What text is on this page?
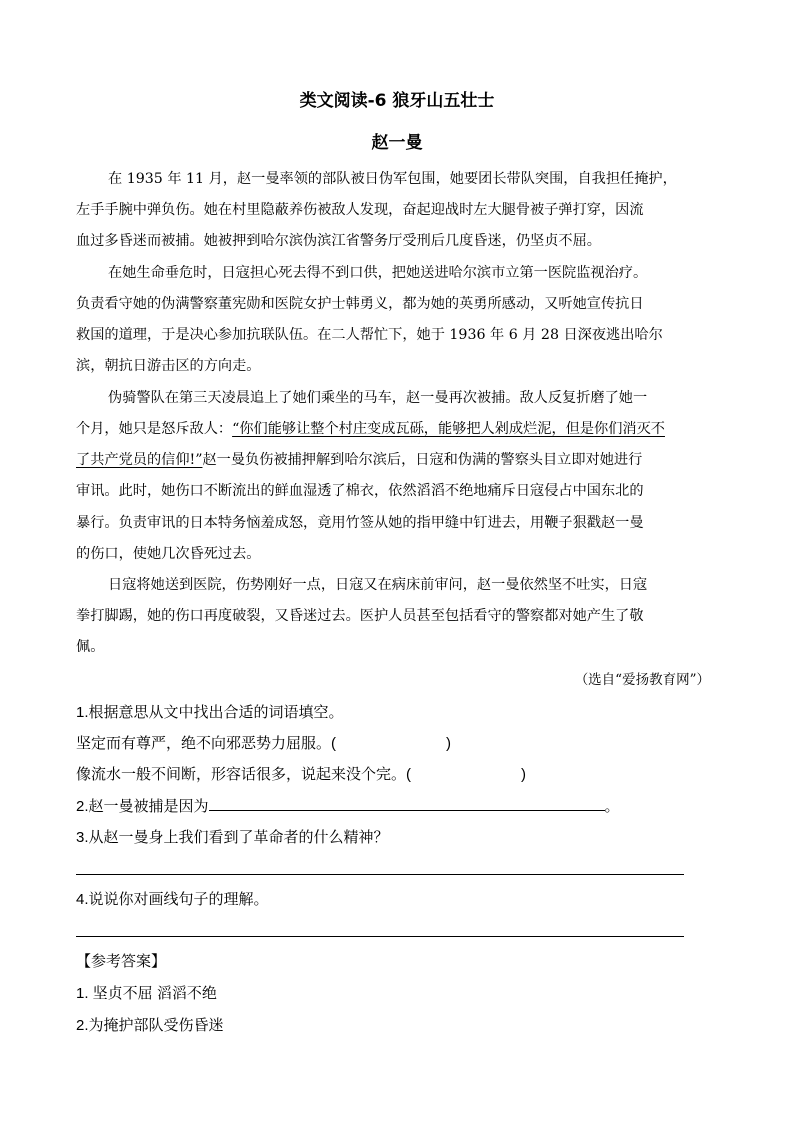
类文阅读-6 狼牙山五壮士
赵一曼
在 1935 年 11 月，赵一曼率领的部队被日伪军包围，她要团长带队突围，自我担任掩护，
左手手腕中弹负伤。她在村里隐蔽养伤被敌人发现，奋起迎战时左大腿骨被子弹打穿，因流
血过多昏迷而被捕。她被押到哈尔滨伪滨江省警务厅受刑后几度昏迷，仍坚贞不屈。
在她生命垂危时，日寇担心死去得不到口供，把她送进哈尔滨市立第一医院监视治疗。
负责看守她的伪满警察董宪勋和医院女护士韩勇义，都为她的英勇所感动，又听她宣传抗日
救国的道理，于是决心参加抗联队伍。在二人帮忙下，她于 1936 年 6 月 28 日深夜逃出哈尔
滨，朝抗日游击区的方向走。
伪骑警队在第三天凌晨追上了她们乘坐的马车，赵一曼再次被捕。敌人反复折磨了她一
个月，她只是怒斥敌人：“你们能够让整个村庄变成瓦砾，能够把人剁成烂泥，但是你们消灭不
了共产党员的信仰!”赵一曼负伤被捕押解到哈尔滨后，日寇和伪满的警察头目立即对她进行
审讯。此时，她伤口不断流出的鲜血湿透了棉衣，依然滔滔不绝地痛斥日寇侵占中国东北的
暴行。负责审讯的日本特务恼羞成怒，竟用竹签从她的指甲缝中钉进去，用鞭子狠戳赵一曼
的伤口，使她几次昏死过去。
日寇将她送到医院，伤势刚好一点，日寇又在病床前审问，赵一曼依然坚不吐实，日寇
拳打脚踢，她的伤口再度破裂，又昏迷过去。医护人员甚至包括看守的警察都对她产生了敬
佩。
（选自“爱扬教育网”）
1.根据意思从文中找出合适的词语填空。
坚定而有尊严，绝不向邪恶势力屈服。(	)
像流水一般不间断，形容话很多，说起来没个完。(	)
2.赵一曼被捕是因为	。
3.从赵一曼身上我们看到了革命者的什么精神？
4.说说你对画线句子的理解。
【参考答案】
1. 坚贞不屈 滔滔不绝
2.为掩护部队受伤昏迷
